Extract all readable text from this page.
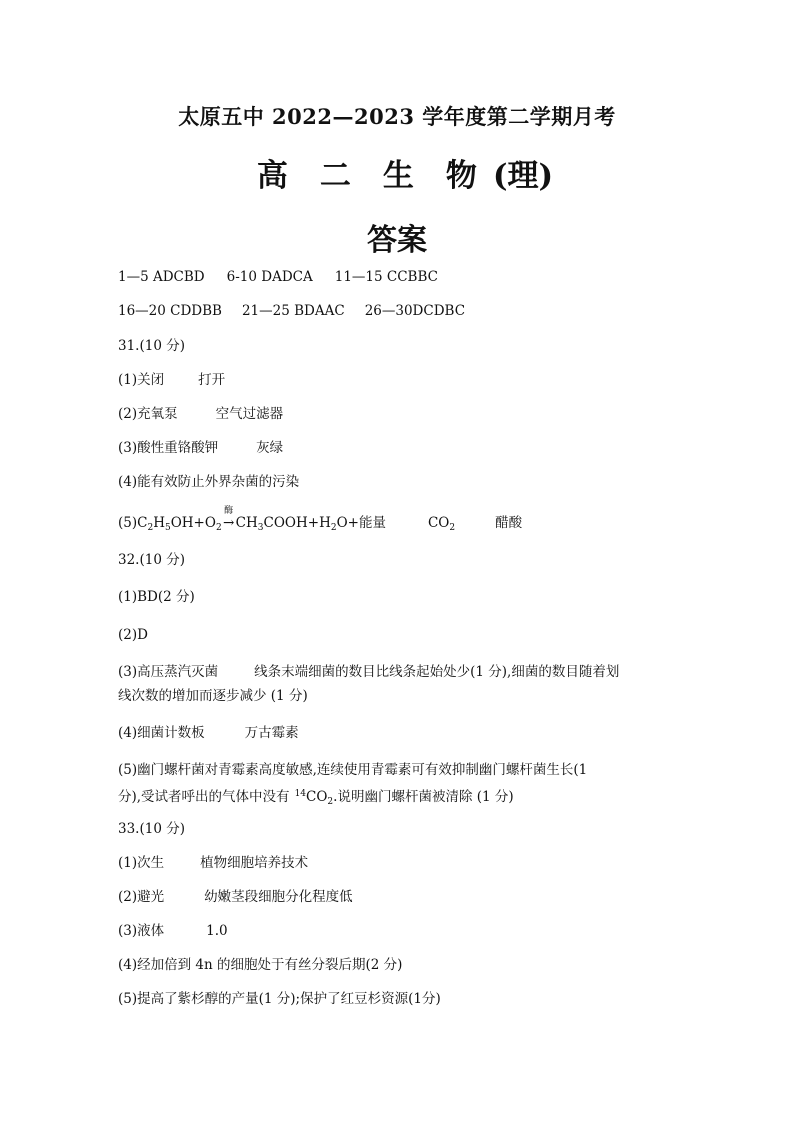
太原五中 2022—2023 学年度第二学期月考
高 二 生 物 (理)
答案
1—5 ADCBD 6-10 DADCA 11—15 CCBBC
16—20 CDDBB 21—25 BDAAC 26—30DCDBC
31.(10 分)
(1)关闭	打开
(2)充氧泵	空气过滤器
(3)酸性重铬酸钾	灰绿
(4)能有效防止外界杂菌的污染
$(5)C_2H_5OH+O_2$
酶
$\to CH_3COOH+H_2O+$能量	$CO_2$	醋酸
32.(10 分)
(1)BD(2 分)
(2)D
(3)高压蒸汽灭菌	线条末端细菌的数目比线条起始处少(1 分),细菌的数目随着划
线次数的增加而逐步减少 (1 分)
(4)细菌计数板	万古霉素
(5)幽门螺杆菌对青霉素高度敏感,连续使用青霉素可有效抑制幽门螺杆菌生长(1
分),受试者呼出的气体中没有 $^{14}CO_2$.说明幽门螺杆菌被清除 (1 分)
33.(10 分)
(1)次生	植物细胞培养技术
(2)避光	幼嫩茎段细胞分化程度低
(3)液体	1.0
(4)经加倍到 4n 的细胞处于有丝分裂后期(2 分)
(5)提高了紫杉醇的产量(1 分);保护了红豆杉资源(1分)
